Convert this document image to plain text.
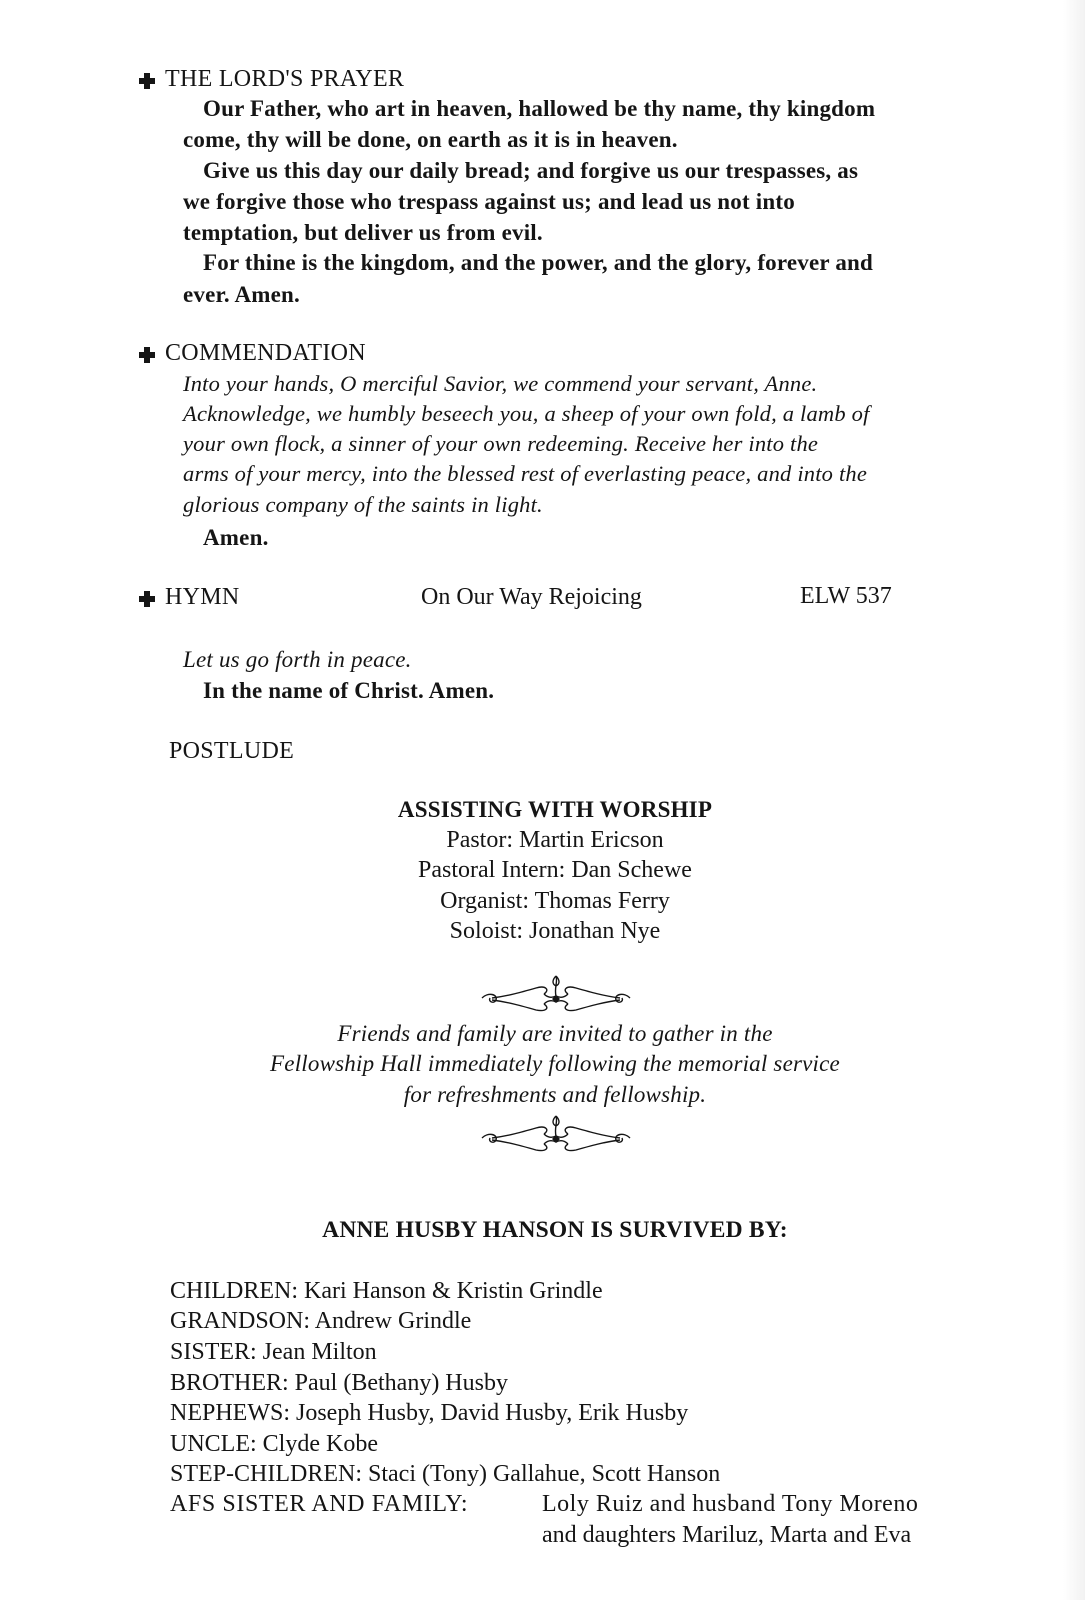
THE LORD'S PRAYER
Our Father, who art in heaven, hallowed be thy name, thy kingdom
come, thy will be done, on earth as it is in heaven.
Give us this day our daily bread; and forgive us our trespasses, as
we forgive those who trespass against us; and lead us not into
temptation, but deliver us from evil.
For thine is the kingdom, and the power, and the glory, forever and
ever. Amen.
COMMENDATION
Into your hands, O merciful Savior, we commend your servant, Anne.
Acknowledge, we humbly beseech you, a sheep of your own fold, a lamb of
your own flock, a sinner of your own redeeming. Receive her into the
arms of your mercy, into the blessed rest of everlasting peace, and into the
glorious company of the saints in light.
Amen.
HYMN	On Our Way Rejoicing	ELW 537
Let us go forth in peace.
In the name of Christ. Amen.
POSTLUDE
ASSISTING WITH WORSHIP
Pastor: Martin Ericson
Pastoral Intern: Dan Schewe
Organist: Thomas Ferry
Soloist: Jonathan Nye
Friends and family are invited to gather in the
Fellowship Hall immediately following the memorial service
for refreshments and fellowship.
ANNE HUSBY HANSON IS SURVIVED BY:
CHILDREN: Kari Hanson & Kristin Grindle
GRANDSON: Andrew Grindle
SISTER: Jean Milton
BROTHER: Paul (Bethany) Husby
NEPHEWS: Joseph Husby, David Husby, Erik Husby
UNCLE: Clyde Kobe
STEP-CHILDREN: Staci (Tony) Gallahue, Scott Hanson
AFS SISTER AND FAMILY:	Loly Ruiz and husband Tony Moreno
and daughters Mariluz, Marta and Eva
